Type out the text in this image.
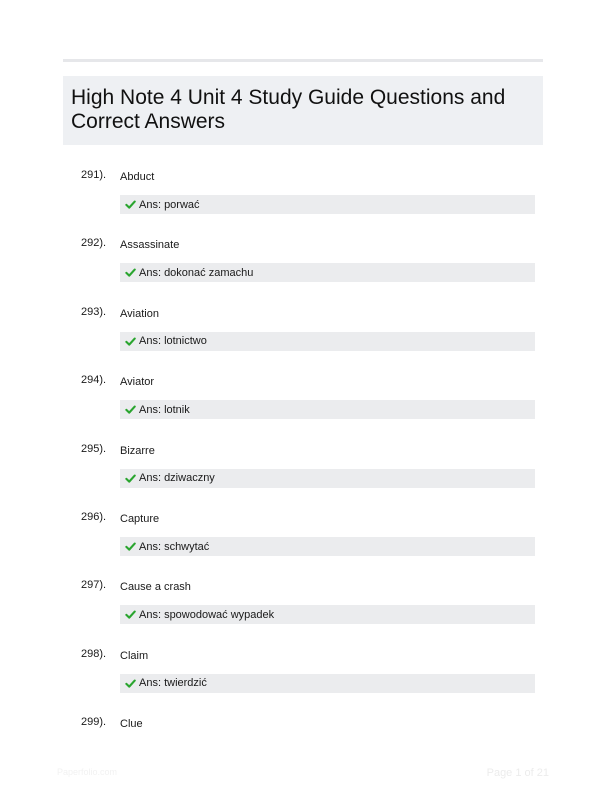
High Note 4 Unit 4 Study Guide Questions and Correct Answers
291). Abduct
Ans: porwać
292). Assassinate
Ans: dokonać zamachu
293). Aviation
Ans: lotnictwo
294). Aviator
Ans: lotnik
295). Bizarre
Ans: dziwaczny
296). Capture
Ans: schwytać
297). Cause a crash
Ans: spowodować wypadek
298). Claim
Ans: twierdzić
299). Clue
Paperfolio.com	Page 1 of 21
